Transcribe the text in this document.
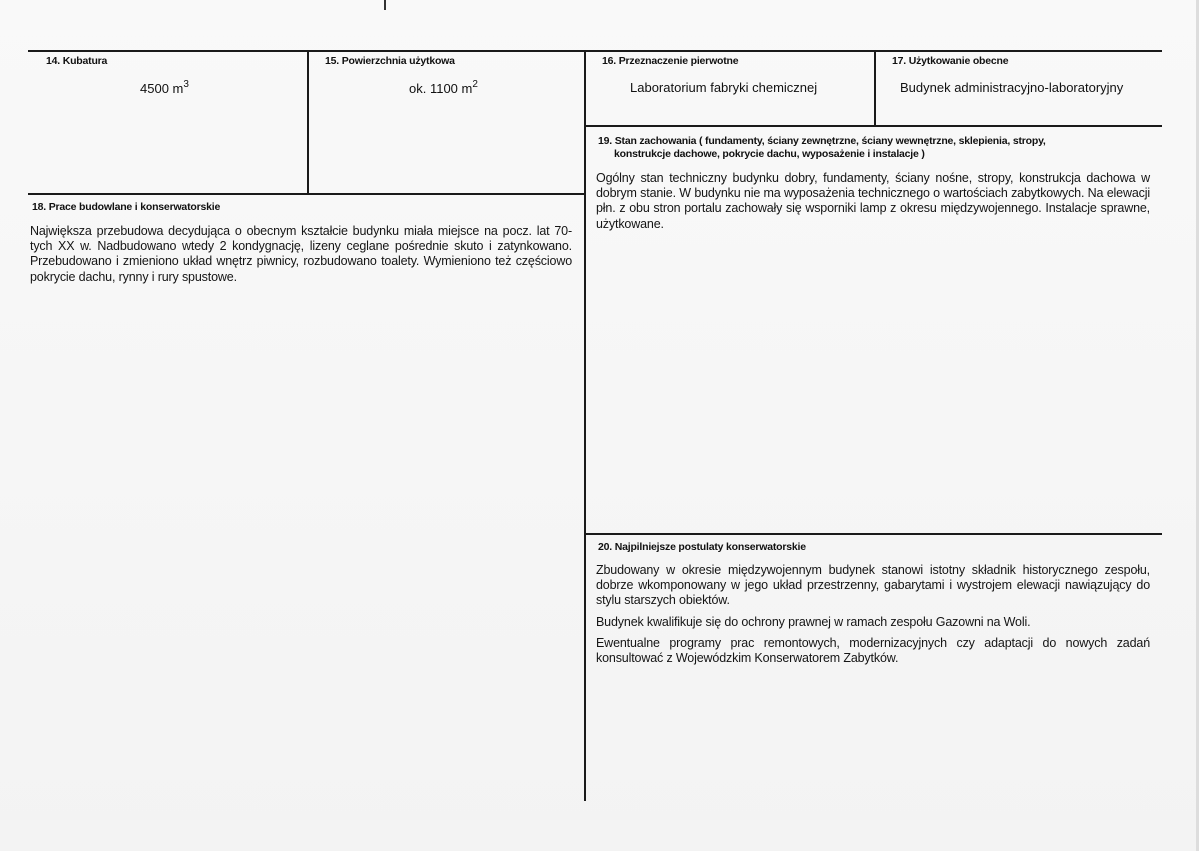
14. Kubatura
4500 $m^3$
15. Powierzchnia użytkowa
ok. 1100 $m^2$
16. Przeznaczenie pierwotne
Laboratorium fabryki chemicznej
17. Użytkowanie obecne
Budynek administracyjno-laboratoryjny
18. Prace budowlane i konserwatorskie

Największa przebudowa decydująca o obecnym kształcie budynku miała miejsce na pocz. lat 70-tych XX w. Nadbudowano wtedy 2 kondygnację, lizeny ceglane pośrednie skuto i zatynkowano. Przebudowano i zmieniono układ wnętrz piwnicy, rozbudowano toalety. Wymieniono też częściowo pokrycie dachu, rynny i rury spustowe.

19. Stan zachowania ( fundamenty, ściany zewnętrzne, ściany wewnętrzne, sklepienia, stropy,
konstrukcje dachowe, pokrycie dachu, wyposażenie i instalacje )

Ogólny stan techniczny budynku dobry, fundamenty, ściany nośne, stropy, konstrukcja dachowa w dobrym stanie. W budynku nie ma wyposażenia technicznego o wartościach zabytkowych. Na elewacji płn. z obu stron portalu zachowały się wsporniki lamp z okresu międzywojennego. Instalacje sprawne, użytkowane.

20. Najpilniejsze postulaty konserwatorskie

Zbudowany w okresie międzywojennym budynek stanowi istotny składnik historycznego zespołu, dobrze wkomponowany w jego układ przestrzenny, gabarytami i wystrojem elewacji nawiązujący do stylu starszych obiektów.

Budynek kwalifikuje się do ochrony prawnej w ramach zespołu Gazowni na Woli.

Ewentualne programy prac remontowych, modernizacyjnych czy adaptacji do nowych zadań konsultować z Wojewódzkim Konserwatorem Zabytków.
